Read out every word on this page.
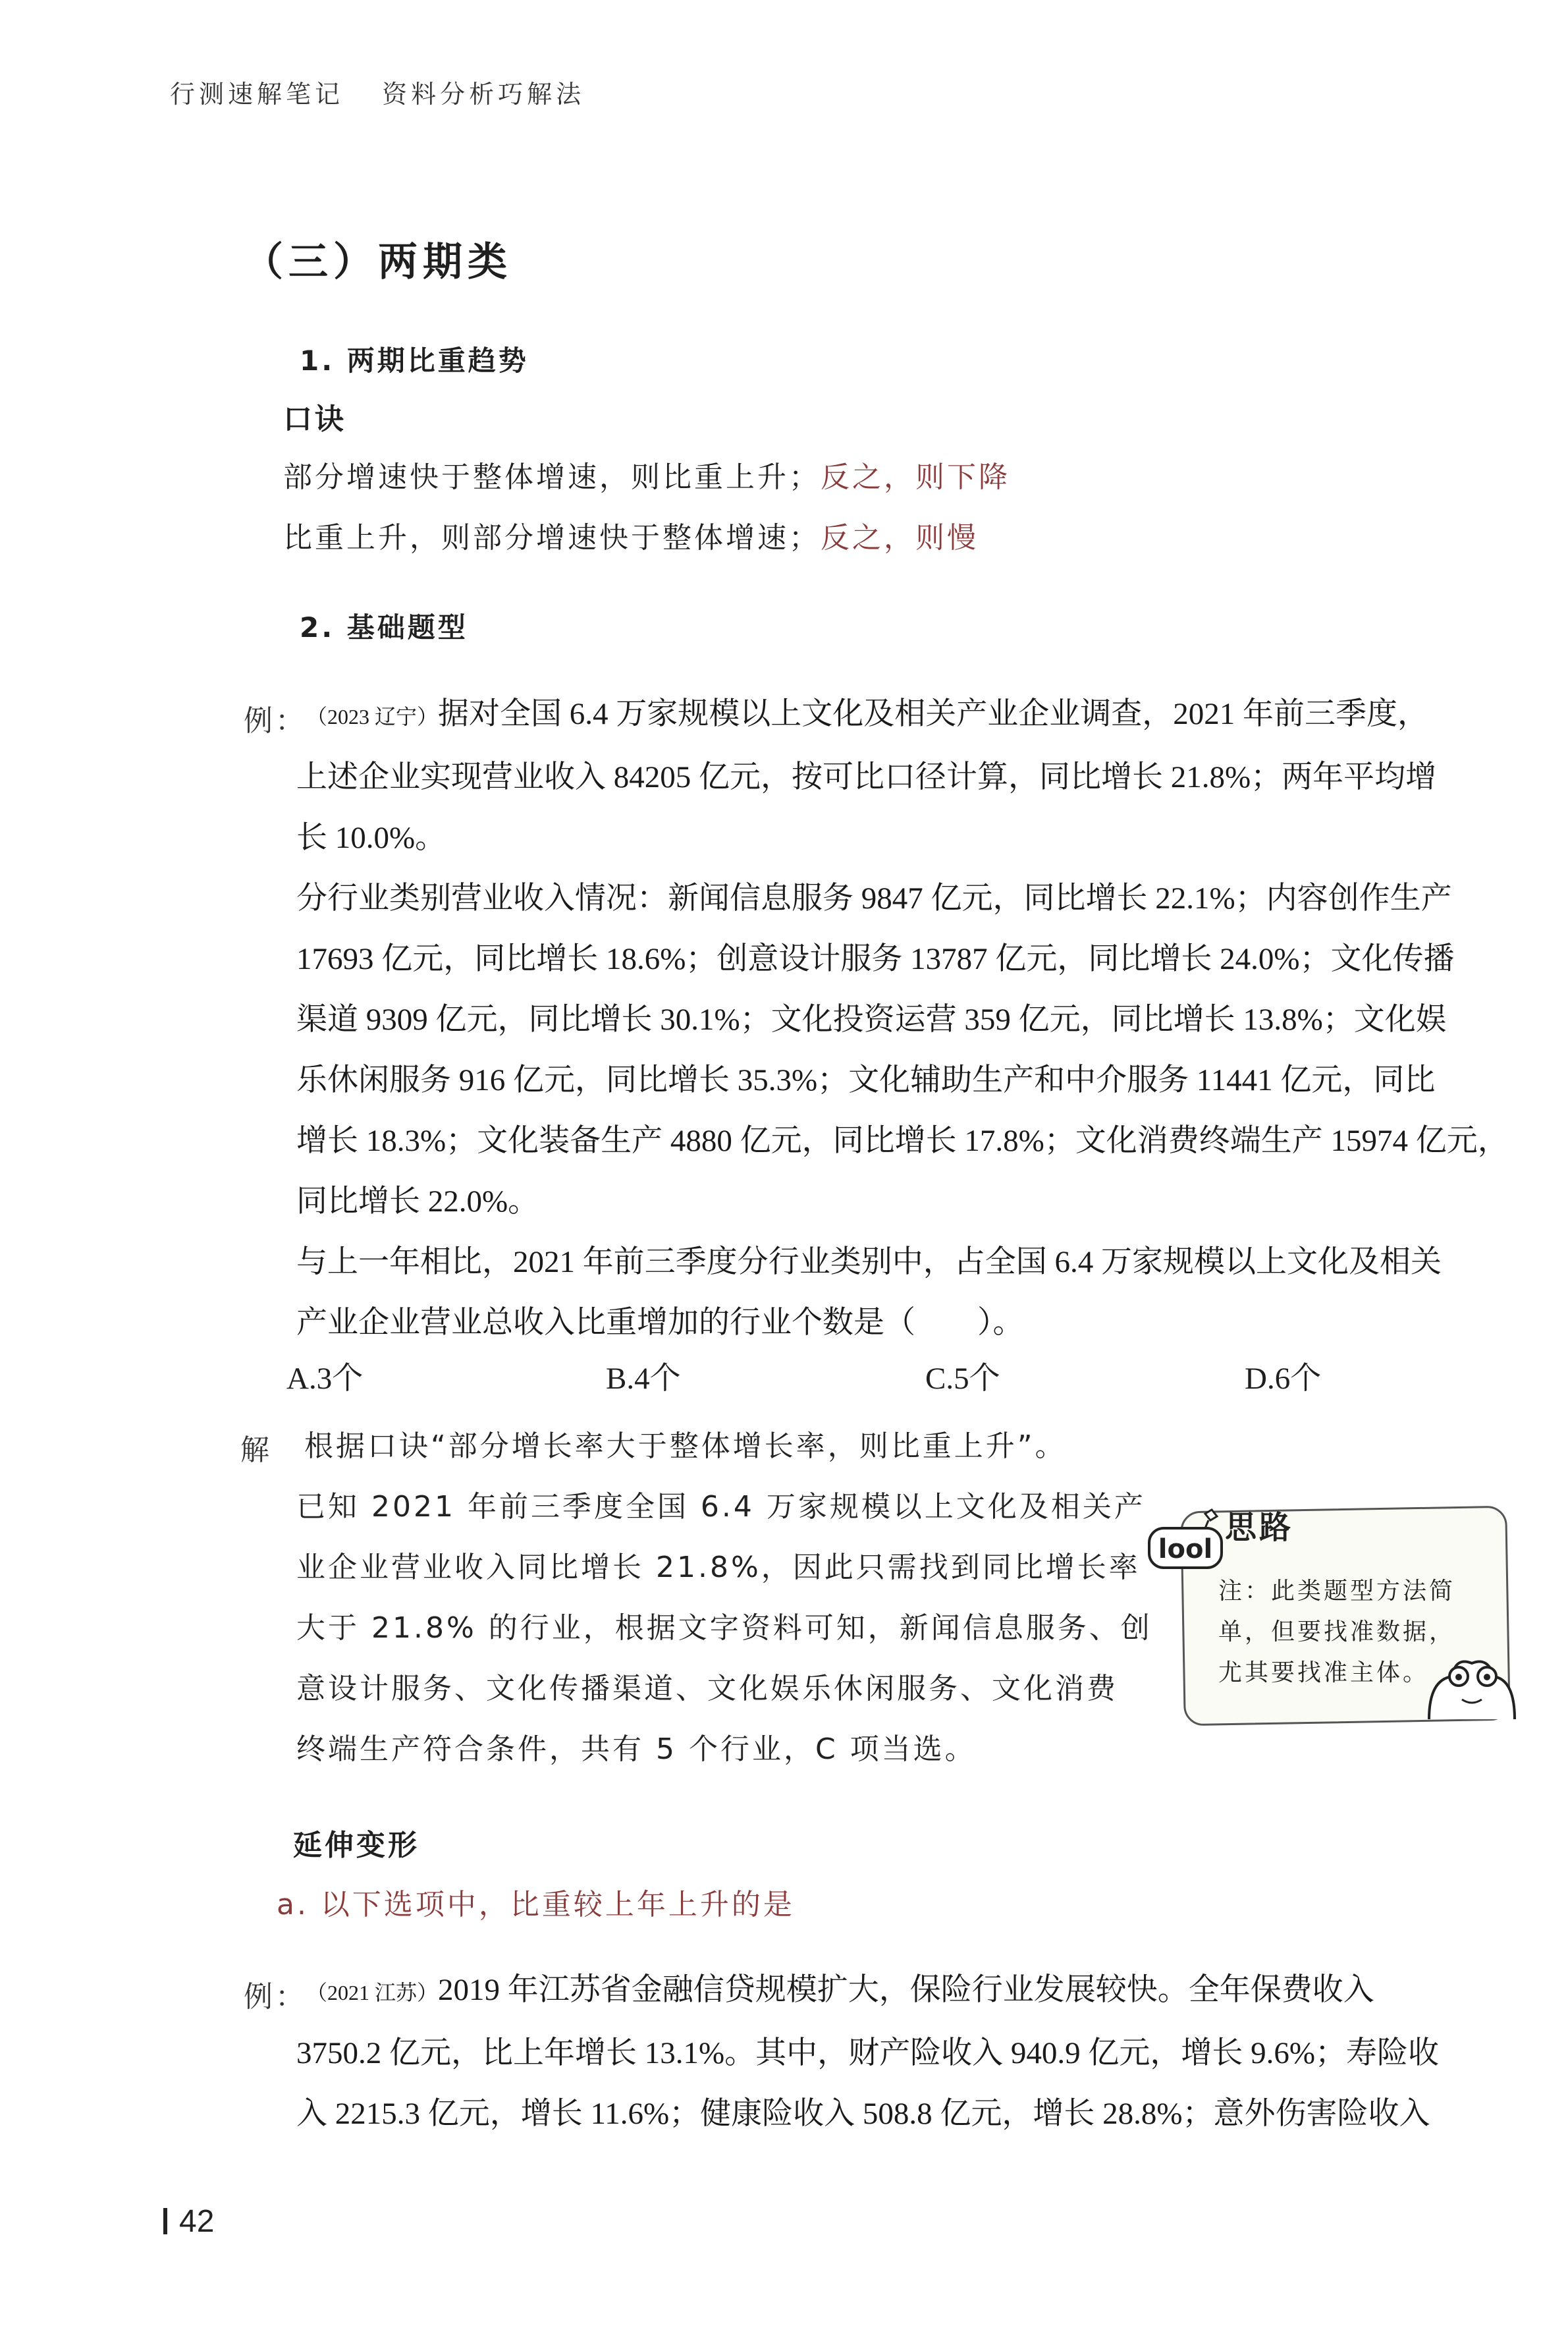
行测速解笔记 资料分析巧解法
（三）两期类
1. 两期比重趋势
口诀
部分增速快于整体增速，则比重上升；反之，则下降
比重上升，则部分增速快于整体增速；反之，则慢
2. 基础题型
例： （2023 辽宁）据对全国 6.4 万家规模以上文化及相关产业企业调查，2021 年前三季度，
上述企业实现营业收入 84205 亿元，按可比口径计算，同比增长 21.8%；两年平均增
长 10.0%。
分行业类别营业收入情况：新闻信息服务 9847 亿元，同比增长 22.1%；内容创作生产
17693 亿元，同比增长 18.6%；创意设计服务 13787 亿元，同比增长 24.0%；文化传播
渠道 9309 亿元，同比增长 30.1%；文化投资运营 359 亿元，同比增长 13.8%；文化娱
乐休闲服务 916 亿元，同比增长 35.3%；文化辅助生产和中介服务 11441 亿元，同比
增长 18.3%；文化装备生产 4880 亿元，同比增长 17.8%；文化消费终端生产 15974 亿元，
同比增长 22.0%。
与上一年相比，2021 年前三季度分行业类别中，占全国 6.4 万家规模以上文化及相关
产业企业营业总收入比重增加的行业个数是（　　）。
A.3个	B.4个	C.5个	D.6个
解 根据口诀“部分增长率大于整体增长率，则比重上升”。
已知 2021 年前三季度全国 6.4 万家规模以上文化及相关产
业企业营业收入同比增长 21.8%，因此只需找到同比增长率
大于 21.8% 的行业，根据文字资料可知，新闻信息服务、创
意设计服务、文化传播渠道、文化娱乐休闲服务、文化消费
终端生产符合条件，共有 5 个行业，C 项当选。
lool
思路
注：此类题型方法简
单，但要找准数据，
尤其要找准主体。
延伸变形
a. 以下选项中，比重较上年上升的是
例： （2021 江苏）2019 年江苏省金融信贷规模扩大，保险行业发展较快。全年保费收入
3750.2 亿元，比上年增长 13.1%。其中，财产险收入 940.9 亿元，增长 9.6%；寿险收
入 2215.3 亿元，增长 11.6%；健康险收入 508.8 亿元，增长 28.8%；意外伤害险收入
42
